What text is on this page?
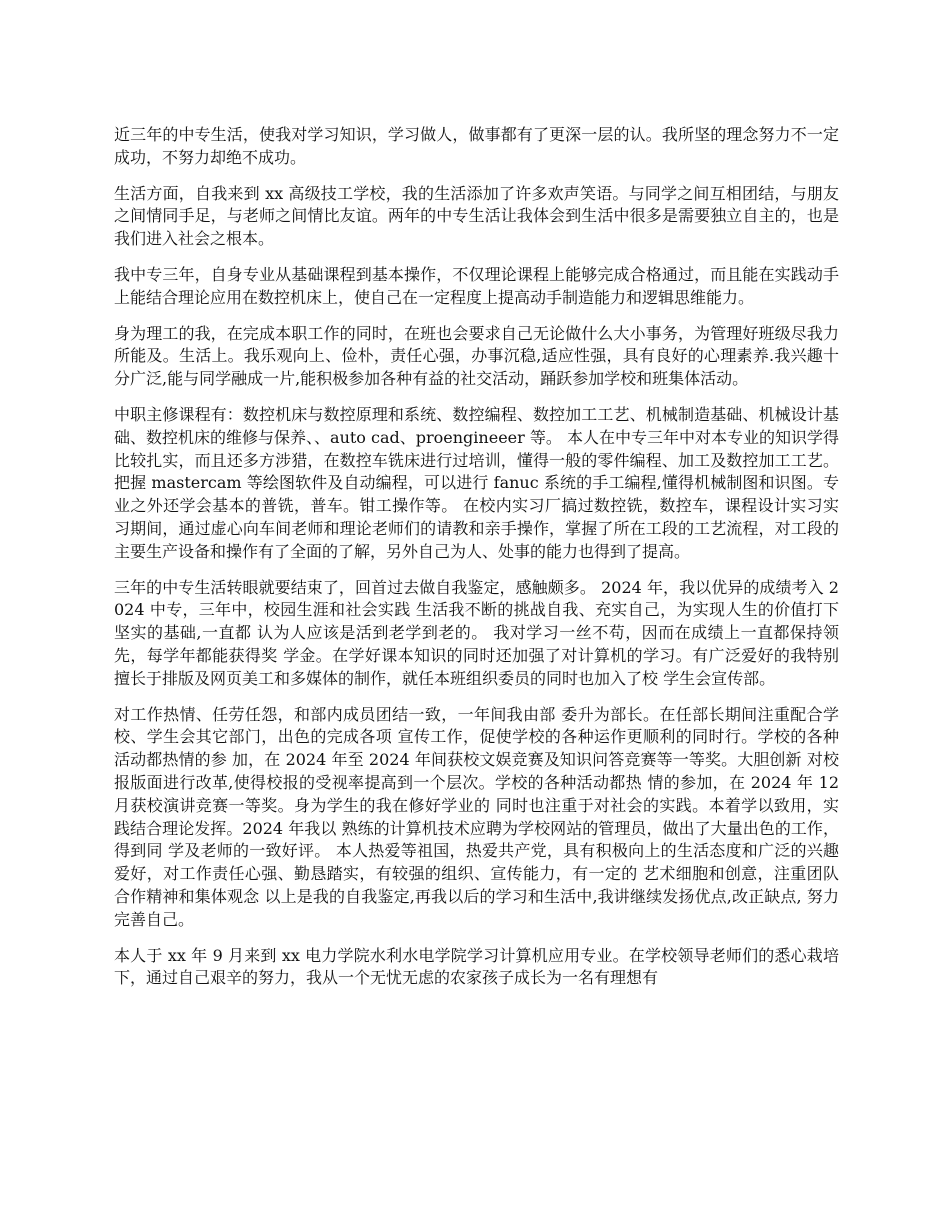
近三年的中专生活，使我对学习知识，学习做人，做事都有了更深一层的认。我所坚的理念努力不一定成功，不努力却绝不成功。

生活方面，自我来到 xx 高级技工学校，我的生活添加了许多欢声笑语。与同学之间互相团结，与朋友之间情同手足，与老师之间情比友谊。两年的中专生活让我体会到生活中很多是需要独立自主的，也是我们进入社会之根本。

我中专三年，自身专业从基础课程到基本操作，不仅理论课程上能够完成合格通过，而且能在实践动手上能结合理论应用在数控机床上，使自己在一定程度上提高动手制造能力和逻辑思维能力。

身为理工的我，在完成本职工作的同时，在班也会要求自己无论做什么大小事务，为管理好班级尽我力所能及。生活上。我乐观向上、俭朴，责任心强，办事沉稳,适应性强，具有良好的心理素养.我兴趣十分广泛,能与同学融成一片,能积极参加各种有益的社交活动，踊跃参加学校和班集体活动。

中职主修课程有：数控机床与数控原理和系统、数控编程、数控加工工艺、机械制造基础、机械设计基础、数控机床的维修与保养、、auto cad、proengineeer 等。 本人在中专三年中对本专业的知识学得比较扎实，而且还多方涉猎，在数控车铣床进行过培训，懂得一般的零件编程、加工及数控加工工艺。把握 mastercam 等绘图软件及自动编程，可以进行 fanuc 系统的手工编程,懂得机械制图和识图。专业之外还学会基本的普铣，普车。钳工操作等。 在校内实习厂搞过数控铣，数控车，课程设计实习实习期间，通过虚心向车间老师和理论老师们的请教和亲手操作，掌握了所在工段的工艺流程，对工段的主要生产设备和操作有了全面的了解，另外自己为人、处事的能力也得到了提高。

三年的中专生活转眼就要结束了，回首过去做自我鉴定，感触颇多。 2024 年，我以优异的成绩考入 2024 中专，三年中，校园生涯和社会实践 生活我不断的挑战自我、充实自己，为实现人生的价值打下坚实的基础,一直都 认为人应该是活到老学到老的。 我对学习一丝不苟，因而在成绩上一直都保持领先，每学年都能获得奖 学金。在学好课本知识的同时还加强了对计算机的学习。有广泛爱好的我特别 擅长于排版及网页美工和多媒体的制作，就任本班组织委员的同时也加入了校 学生会宣传部。

对工作热情、任劳任怨，和部内成员团结一致，一年间我由部 委升为部长。在任部长期间注重配合学校、学生会其它部门，出色的完成各项 宣传工作，促使学校的各种运作更顺利的同时行。学校的各种活动都热情的参 加，在 2024 年至 2024 年间获校文娱竞赛及知识问答竞赛等一等奖。大胆创新 对校报版面进行改革,使得校报的受视率提高到一个层次。学校的各种活动都热 情的参加，在 2024 年 12 月获校演讲竞赛一等奖。身为学生的我在修好学业的 同时也注重于对社会的实践。本着学以致用，实践结合理论发挥。2024 年我以 熟练的计算机技术应聘为学校网站的管理员，做出了大量出色的工作，得到同 学及老师的一致好评。 本人热爱等祖国，热爱共产党，具有积极向上的生活态度和广泛的兴趣爱好，对工作责任心强、勤恳踏实，有较强的组织、宣传能力，有一定的 艺术细胞和创意，注重团队合作精神和集体观念 以上是我的自我鉴定,再我以后的学习和生活中,我讲继续发扬优点,改正缺点, 努力完善自己。

本人于 xx 年 9 月来到 xx 电力学院水利水电学院学习计算机应用专业。在学校领导老师们的悉心栽培下，通过自己艰辛的努力，我从一个无忧无虑的农家孩子成长为一名有理想有
